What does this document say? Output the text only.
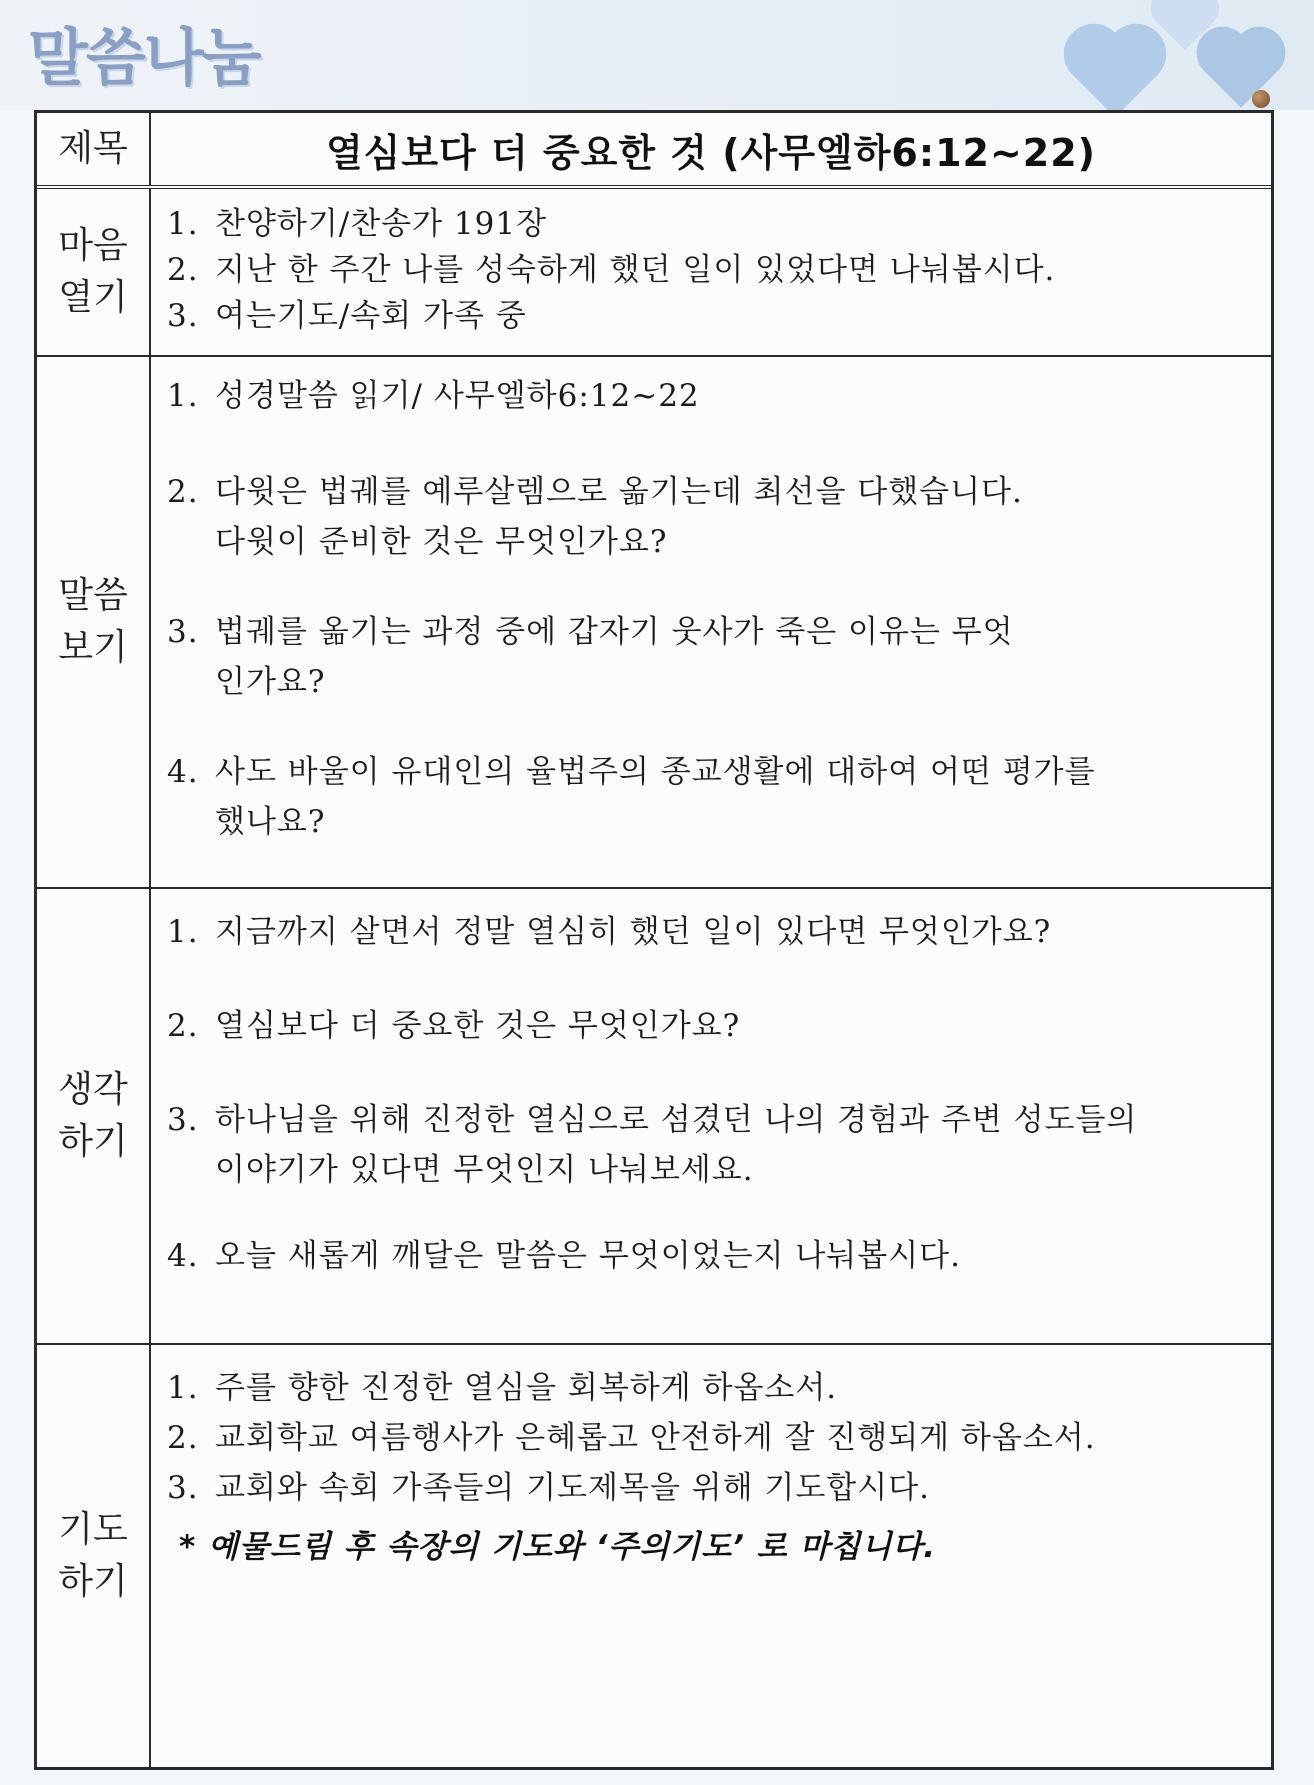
말씀나눔
제목	열심보다 더 중요한 것 (사무엘하6:12~22)
마음
열기
1. 찬양하기/찬송가 191장
2. 지난 한 주간 나를 성숙하게 했던 일이 있었다면 나눠봅시다.
3. 여는기도/속회 가족 중
말씀
보기
1. 성경말씀 읽기/ 사무엘하6:12~22
2. 다윗은 법궤를 예루살렘으로 옮기는데 최선을 다했습니다.
다윗이 준비한 것은 무엇인가요?
3. 법궤를 옮기는 과정 중에 갑자기 웃사가 죽은 이유는 무엇
인가요?
4. 사도 바울이 유대인의 율법주의 종교생활에 대하여 어떤 평가를
했나요?
생각
하기
1. 지금까지 살면서 정말 열심히 했던 일이 있다면 무엇인가요?
2. 열심보다 더 중요한 것은 무엇인가요?
3. 하나님을 위해 진정한 열심으로 섬겼던 나의 경험과 주변 성도들의
이야기가 있다면 무엇인지 나눠보세요.
4. 오늘 새롭게 깨달은 말씀은 무엇이었는지 나눠봅시다.
기도
하기
1. 주를 향한 진정한 열심을 회복하게 하옵소서.
2. 교회학교 여름행사가 은혜롭고 안전하게 잘 진행되게 하옵소서.
3. 교회와 속회 가족들의 기도제목을 위해 기도합시다.
* 예물드림 후 속장의 기도와 ‘주의기도’ 로 마칩니다.
